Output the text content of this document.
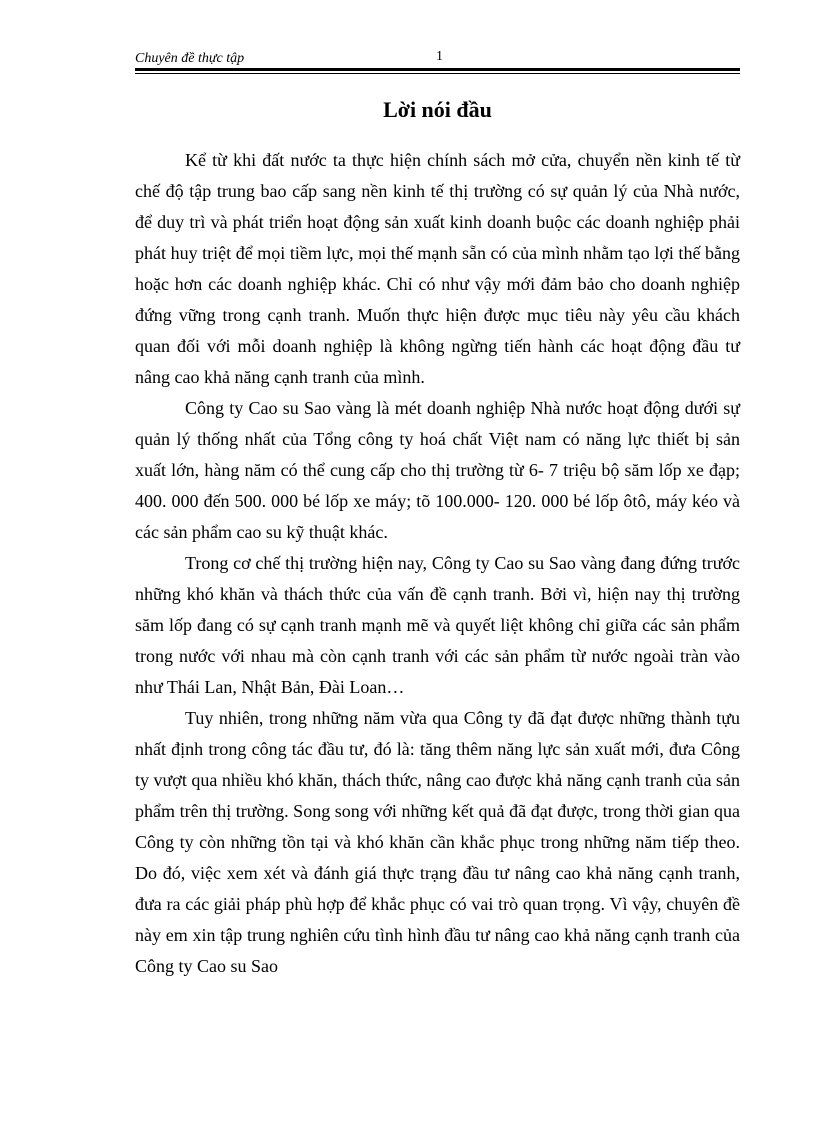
Chuyên đề thực tập	1
Lời nói đầu

Kể từ khi đất nước ta thực hiện chính sách mở cửa, chuyển nền kinh tế từ chế độ tập trung bao cấp sang nền kinh tế thị trường có sự quản lý của Nhà nước, để duy trì và phát triển hoạt động sản xuất kinh doanh buộc các doanh nghiệp phải phát huy triệt để mọi tiềm lực, mọi thế mạnh sẵn có của mình nhằm tạo lợi thế bằng hoặc hơn các doanh nghiệp khác. Chỉ có như vậy mới đảm bảo cho doanh nghiệp đứng vững trong cạnh tranh. Muốn thực hiện được mục tiêu này yêu cầu khách quan đối với mỗi doanh nghiệp là không ngừng tiến hành các hoạt động đầu tư nâng cao khả năng cạnh tranh của mình.

Công ty Cao su Sao vàng là mét doanh nghiệp Nhà nước hoạt động dưới sự quản lý thống nhất của Tổng công ty hoá chất Việt nam có năng lực thiết bị sản xuất lớn, hàng năm có thể cung cấp cho thị trường từ 6- 7 triệu bộ săm lốp xe đạp; 400. 000 đến 500. 000 bé lốp xe máy; tõ 100.000- 120. 000 bé lốp ôtô, máy kéo và các sản phẩm cao su kỹ thuật khác.

Trong cơ chế thị trường hiện nay, Công ty Cao su Sao vàng đang đứng trước những khó khăn và thách thức của vấn đề cạnh tranh. Bởi vì, hiện nay thị trường săm lốp đang có sự cạnh tranh mạnh mẽ và quyết liệt không chỉ giữa các sản phẩm trong nước với nhau mà còn cạnh tranh với các sản phẩm từ nước ngoài tràn vào như Thái Lan, Nhật Bản, Đài Loan…

Tuy nhiên, trong những năm vừa qua Công ty đã đạt được những thành tựu nhất định trong công tác đầu tư, đó là: tăng thêm năng lực sản xuất mới, đưa Công ty vượt qua nhiều khó khăn, thách thức, nâng cao được khả năng cạnh tranh của sản phẩm trên thị trường. Song song với những kết quả đã đạt được, trong thời gian qua Công ty còn những tồn tại và khó khăn cần khắc phục trong những năm tiếp theo. Do đó, việc xem xét và đánh giá thực trạng đầu tư nâng cao khả năng cạnh tranh, đưa ra các giải pháp phù hợp để khắc phục có vai trò quan trọng. Vì vậy, chuyên đề này em xin tập trung nghiên cứu tình hình đầu tư nâng cao khả năng cạnh tranh của Công ty Cao su Sao
